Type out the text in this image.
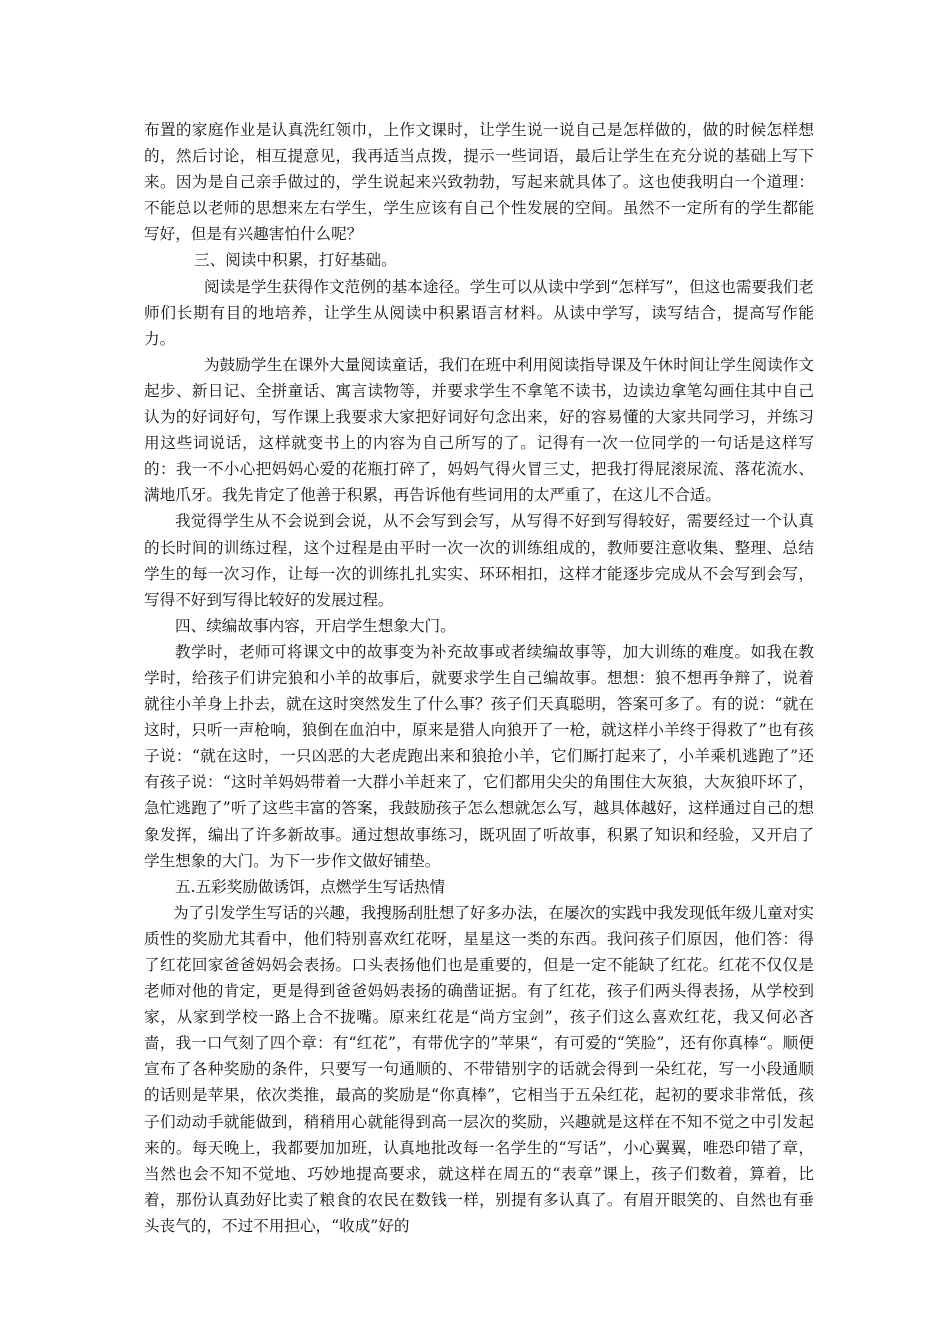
布置的家庭作业是认真洗红领巾，上作文课时，让学生说一说自己是怎样做的，做的时候怎样想的，然后讨论，相互提意见，我再适当点拨，提示一些词语，最后让学生在充分说的基础上写下来。因为是自己亲手做过的，学生说起来兴致勃勃，写起来就具体了。这也使我明白一个道理：不能总以老师的思想来左右学生，学生应该有自己个性发展的空间。虽然不一定所有的学生都能写好，但是有兴趣害怕什么呢？

三、阅读中积累，打好基础。

阅读是学生获得作文范例的基本途径。学生可以从读中学到“怎样写”，但这也需要我们老师们长期有目的地培养，让学生从阅读中积累语言材料。从读中学写，读写结合，提高写作能力。

为鼓励学生在课外大量阅读童话，我们在班中利用阅读指导课及午休时间让学生阅读作文起步、新日记、全拼童话、寓言读物等，并要求学生不拿笔不读书，边读边拿笔勾画住其中自己认为的好词好句，写作课上我要求大家把好词好句念出来，好的容易懂的大家共同学习，并练习用这些词说话，这样就变书上的内容为自己所写的了。记得有一次一位同学的一句话是这样写的：我一不小心把妈妈心爱的花瓶打碎了，妈妈气得火冒三丈，把我打得屁滚尿流、落花流水、满地爪牙。我先肯定了他善于积累，再告诉他有些词用的太严重了，在这儿不合适。

我觉得学生从不会说到会说，从不会写到会写，从写得不好到写得较好，需要经过一个认真的长时间的训练过程，这个过程是由平时一次一次的训练组成的，教师要注意收集、整理、总结学生的每一次习作，让每一次的训练扎扎实实、环环相扣，这样才能逐步完成从不会写到会写，写得不好到写得比较好的发展过程。

四、续编故事内容，开启学生想象大门。

教学时，老师可将课文中的故事变为补充故事或者续编故事等，加大训练的难度。如我在教学时，给孩子们讲完狼和小羊的故事后，就要求学生自己编故事。想想：狼不想再争辩了，说着就往小羊身上扑去，就在这时突然发生了什么事？孩子们天真聪明，答案可多了。有的说：“就在这时，只听一声枪响，狼倒在血泊中，原来是猎人向狼开了一枪，就这样小羊终于得救了”也有孩子说：“就在这时，一只凶恶的大老虎跑出来和狼抢小羊，它们厮打起来了，小羊乘机逃跑了”还有孩子说：“这时羊妈妈带着一大群小羊赶来了，它们都用尖尖的角围住大灰狼，大灰狼吓坏了，急忙逃跑了”听了这些丰富的答案，我鼓励孩子怎么想就怎么写，越具体越好，这样通过自己的想象发挥，编出了许多新故事。通过想故事练习，既巩固了听故事，积累了知识和经验，又开启了学生想象的大门。为下一步作文做好铺垫。

五.五彩奖励做诱饵，点燃学生写话热情

为了引发学生写话的兴趣，我搜肠刮肚想了好多办法，在屡次的实践中我发现低年级儿童对实质性的奖励尤其看中，他们特别喜欢红花呀，星星这一类的东西。我问孩子们原因，他们答：得了红花回家爸爸妈妈会表扬。口头表扬他们也是重要的，但是一定不能缺了红花。红花不仅仅是老师对他的肯定，更是得到爸爸妈妈表扬的确凿证据。有了红花，孩子们两头得表扬，从学校到家，从家到学校一路上合不拢嘴。原来红花是“尚方宝剑”，孩子们这么喜欢红花，我又何必吝啬，我一口气刻了四个章：有“红花”，有带优字的”苹果“，有可爱的“笑脸”，还有你真棒“。顺便宣布了各种奖励的条件，只要写一句通顺的、不带错别字的话就会得到一朵红花，写一小段通顺的话则是苹果，依次类推，最高的奖励是“你真棒”，它相当于五朵红花，起初的要求非常低，孩子们动动手就能做到，稍稍用心就能得到高一层次的奖励，兴趣就是这样在不知不觉之中引发起来的。每天晚上，我都要加加班，认真地批改每一名学生的“写话”，小心翼翼，唯恐印错了章，当然也会不知不觉地、巧妙地提高要求，就这样在周五的“表章”课上，孩子们数着，算着，比着，那份认真劲好比卖了粮食的农民在数钱一样，别提有多认真了。有眉开眼笑的、自然也有垂头丧气的，不过不用担心，“收成”好的
